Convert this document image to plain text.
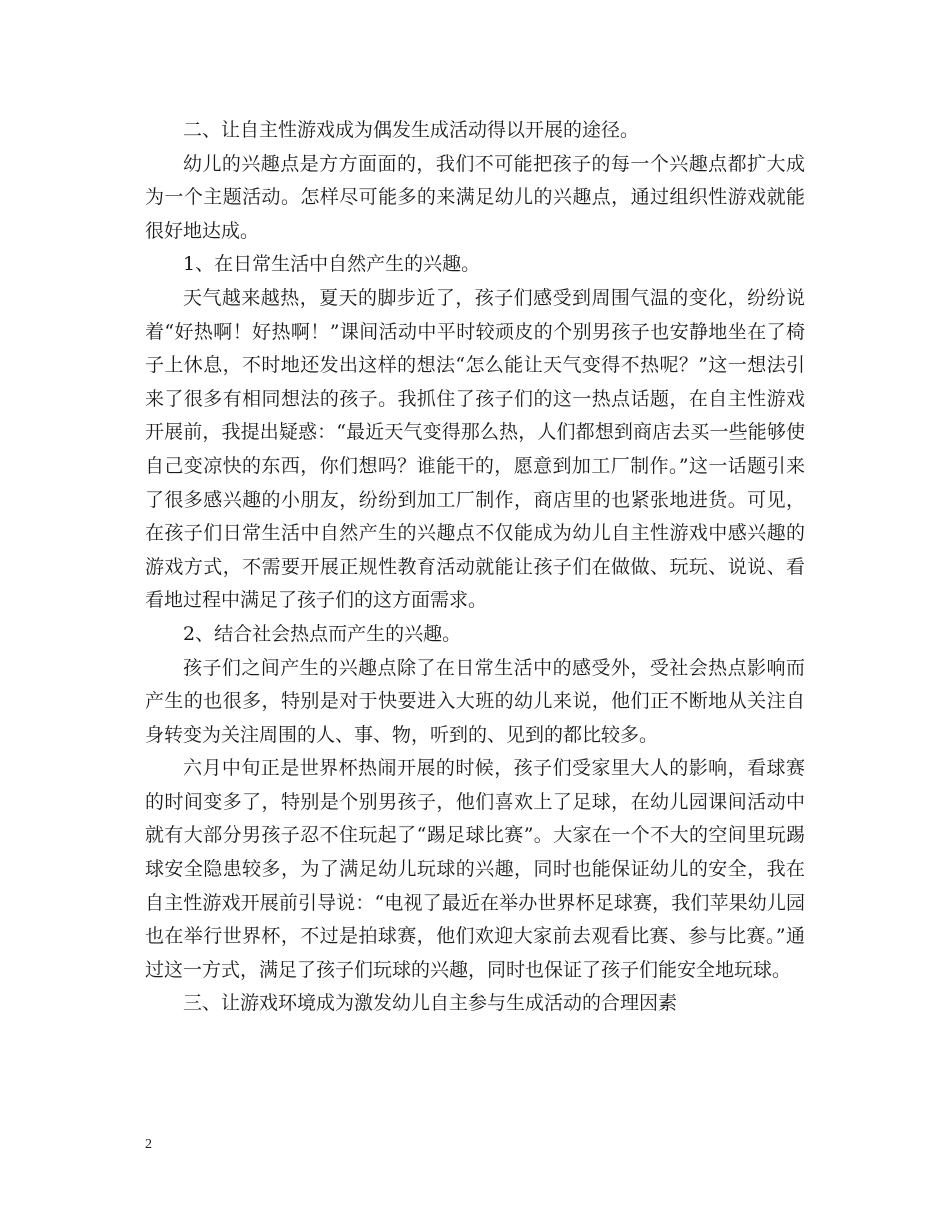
二、让自主性游戏成为偶发生成活动得以开展的途径。

幼儿的兴趣点是方方面面的，我们不可能把孩子的每一个兴趣点都扩大成为一个主题活动。怎样尽可能多的来满足幼儿的兴趣点，通过组织性游戏就能很好地达成。

1、在日常生活中自然产生的兴趣。

天气越来越热，夏天的脚步近了，孩子们感受到周围气温的变化，纷纷说着“好热啊！好热啊！”课间活动中平时较顽皮的个别男孩子也安静地坐在了椅子上休息，不时地还发出这样的想法“怎么能让天气变得不热呢？”这一想法引来了很多有相同想法的孩子。我抓住了孩子们的这一热点话题，在自主性游戏开展前，我提出疑惑：“最近天气变得那么热，人们都想到商店去买一些能够使自己变凉快的东西，你们想吗？谁能干的，愿意到加工厂制作。”这一话题引来了很多感兴趣的小朋友，纷纷到加工厂制作，商店里的也紧张地进货。可见，在孩子们日常生活中自然产生的兴趣点不仅能成为幼儿自主性游戏中感兴趣的游戏方式，不需要开展正规性教育活动就能让孩子们在做做、玩玩、说说、看看地过程中满足了孩子们的这方面需求。

2、结合社会热点而产生的兴趣。

孩子们之间产生的兴趣点除了在日常生活中的感受外，受社会热点影响而产生的也很多，特别是对于快要进入大班的幼儿来说，他们正不断地从关注自身转变为关注周围的人、事、物，听到的、见到的都比较多。

六月中旬正是世界杯热闹开展的时候，孩子们受家里大人的影响，看球赛的时间变多了，特别是个别男孩子，他们喜欢上了足球，在幼儿园课间活动中就有大部分男孩子忍不住玩起了“踢足球比赛”。大家在一个不大的空间里玩踢球安全隐患较多，为了满足幼儿玩球的兴趣，同时也能保证幼儿的安全，我在自主性游戏开展前引导说：“电视了最近在举办世界杯足球赛，我们苹果幼儿园也在举行世界杯，不过是拍球赛，他们欢迎大家前去观看比赛、参与比赛。”通过这一方式，满足了孩子们玩球的兴趣，同时也保证了孩子们能安全地玩球。

三、让游戏环境成为激发幼儿自主参与生成活动的合理因素

2
